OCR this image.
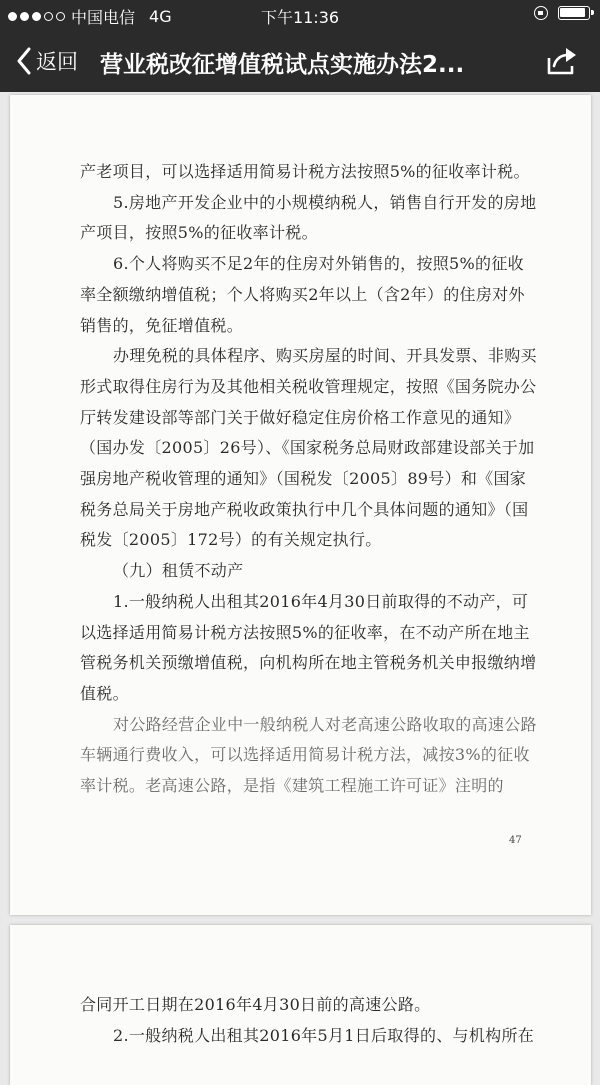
中国电信 4G	下午11:36
返回 营业税改征增值税试点实施办法2...

产老项目，可以选择适用简易计税方法按照5%的征收率计税。

5.房地产开发企业中的小规模纳税人，销售自行开发的房地产项目，按照5%的征收率计税。

6.个人将购买不足2年的住房对外销售的，按照5%的征收率全额缴纳增值税；个人将购买2年以上（含2年）的住房对外销售的，免征增值税。

办理免税的具体程序、购买房屋的时间、开具发票、非购买形式取得住房行为及其他相关税收管理规定，按照《国务院办公厅转发建设部等部门关于做好稳定住房价格工作意见的通知》（国办发〔2005〕26号）、《国家税务总局财政部建设部关于加强房地产税收管理的通知》（国税发〔2005〕89号）和《国家税务总局关于房地产税收政策执行中几个具体问题的通知》（国税发〔2005〕172号）的有关规定执行。

（九）租赁不动产

1.一般纳税人出租其2016年4月30日前取得的不动产，可以选择适用简易计税方法按照5%的征收率，在不动产所在地主管税务机关预缴增值税，向机构所在地主管税务机关申报缴纳增值税。

对公路经营企业中一般纳税人对老高速公路收取的高速公路车辆通行费收入，可以选择适用简易计税方法，减按3%的征收率计税。老高速公路，是指《建筑工程施工许可证》注明的

47

合同开工日期在2016年4月30日前的高速公路。

2.一般纳税人出租其2016年5月1日后取得的、与机构所在
